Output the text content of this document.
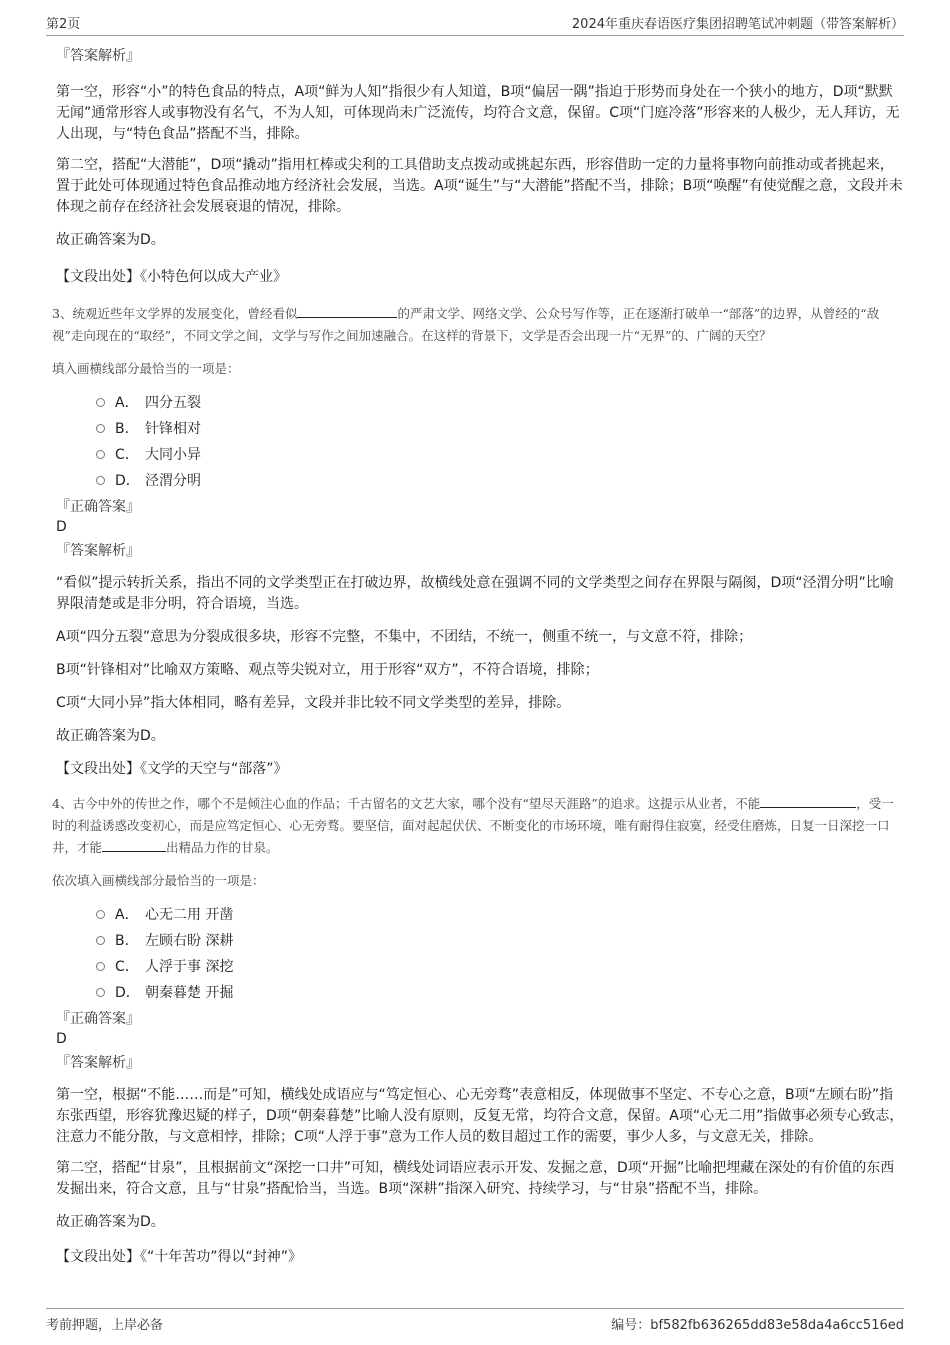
第2页	2024年重庆春语医疗集团招聘笔试冲刺题（带答案解析）

『答案解析』

第一空，形容“小”的特色食品的特点，A项“鲜为人知”指很少有人知道，B项“偏居一隅”指迫于形势而身处在一个狭小的地方，D项“默默无闻”通常形容人或事物没有名气，不为人知，可体现尚未广泛流传，均符合文意，保留。C项“门庭冷落”形容来的人极少，无人拜访，无人出现，与“特色食品”搭配不当，排除。

第二空，搭配“大潜能”，D项“撬动”指用杠棒或尖利的工具借助支点拨动或挑起东西，形容借助一定的力量将事物向前推动或者挑起来，置于此处可体现通过特色食品推动地方经济社会发展，当选。A项“诞生”与“大潜能”搭配不当，排除；B项“唤醒”有使觉醒之意，文段并未体现之前存在经济社会发展衰退的情况，排除。

故正确答案为D。

【文段出处】《小特色何以成大产业》

3、统观近些年文学界的发展变化，曾经看似	的严肃文学、网络文学、公众号写作等，正在逐渐打破单一“部落”的边界，从曾经的“敌视”走向现在的“取经”，不同文学之间，文学与写作之间加速融合。在这样的背景下，文学是否会出现一片“无界”的、广阔的天空？

填入画横线部分最恰当的一项是：

A． 四分五裂
B． 针锋相对
C． 大同小异
D． 泾渭分明

『正确答案』

D

『答案解析』

“看似”提示转折关系，指出不同的文学类型正在打破边界，故横线处意在强调不同的文学类型之间存在界限与隔阂，D项“泾渭分明”比喻界限清楚或是非分明，符合语境，当选。

A项“四分五裂”意思为分裂成很多块，形容不完整，不集中，不团结，不统一，侧重不统一，与文意不符，排除；

B项“针锋相对”比喻双方策略、观点等尖锐对立，用于形容“双方”，不符合语境，排除；

C项“大同小异”指大体相同，略有差异，文段并非比较不同文学类型的差异，排除。

故正确答案为D。

【文段出处】《文学的天空与“部落”》

4、古今中外的传世之作，哪个不是倾注心血的作品；千古留名的文艺大家，哪个没有“望尽天涯路”的追求。这提示从业者，不能	，受一时的利益诱惑改变初心，而是应笃定恒心、心无旁骛。要坚信，面对起起伏伏、不断变化的市场环境，唯有耐得住寂寞，经受住磨炼，日复一日深挖一口井，才能	出精品力作的甘泉。

依次填入画横线部分最恰当的一项是：

A． 心无二用 开凿
B． 左顾右盼 深耕
C． 人浮于事 深挖
D． 朝秦暮楚 开掘

『正确答案』

D

『答案解析』

第一空，根据“不能……而是”可知，横线处成语应与“笃定恒心、心无旁骛”表意相反，体现做事不坚定、不专心之意，B项“左顾右盼”指东张西望，形容犹豫迟疑的样子，D项“朝秦暮楚”比喻人没有原则，反复无常，均符合文意，保留。A项“心无二用”指做事必须专心致志，注意力不能分散，与文意相悖，排除；C项“人浮于事”意为工作人员的数目超过工作的需要，事少人多，与文意无关，排除。

第二空，搭配“甘泉”，且根据前文“深挖一口井”可知，横线处词语应表示开发、发掘之意，D项“开掘”比喻把埋藏在深处的有价值的东西发掘出来，符合文意，且与“甘泉”搭配恰当，当选。B项“深耕”指深入研究、持续学习，与“甘泉”搭配不当，排除。

故正确答案为D。

【文段出处】《“十年苦功”得以“封神”》

考前押题，上岸必备	编号：bf582fb636265dd83e58da4a6cc516ed
